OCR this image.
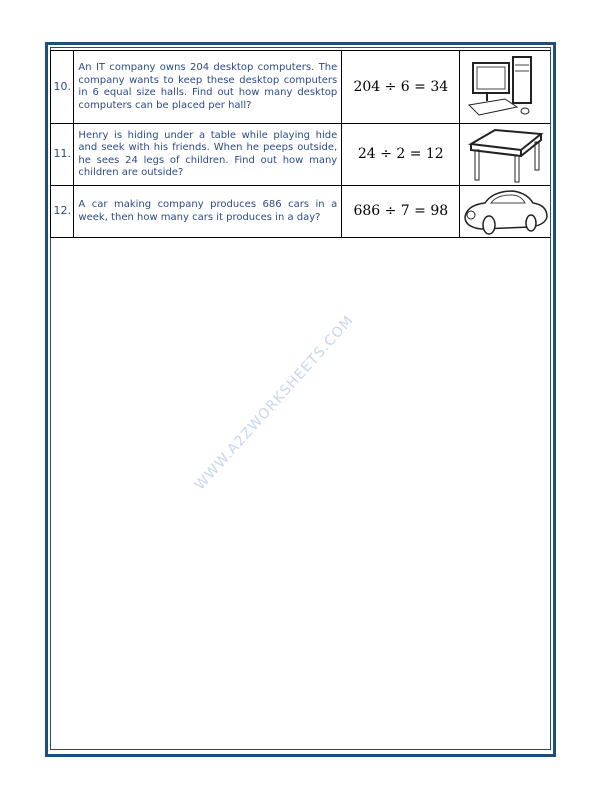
10.	An IT company owns 204 desktop computers. The company wants to keep these desktop computers in 6 equal size halls. Find out how many desktop computers can be placed per hall?	204 ÷ 6 = 34	

11.	Henry is hiding under a table while playing hide and seek with his friends. When he peeps outside, he sees 24 legs of children. Find out how many children are outside?	24 ÷ 2 = 12	

12.	A car making company produces 686 cars in a week, then how many cars it produces in a day?	686 ÷ 7 = 98	
WWW.A2ZWORKSHEETS.COM
